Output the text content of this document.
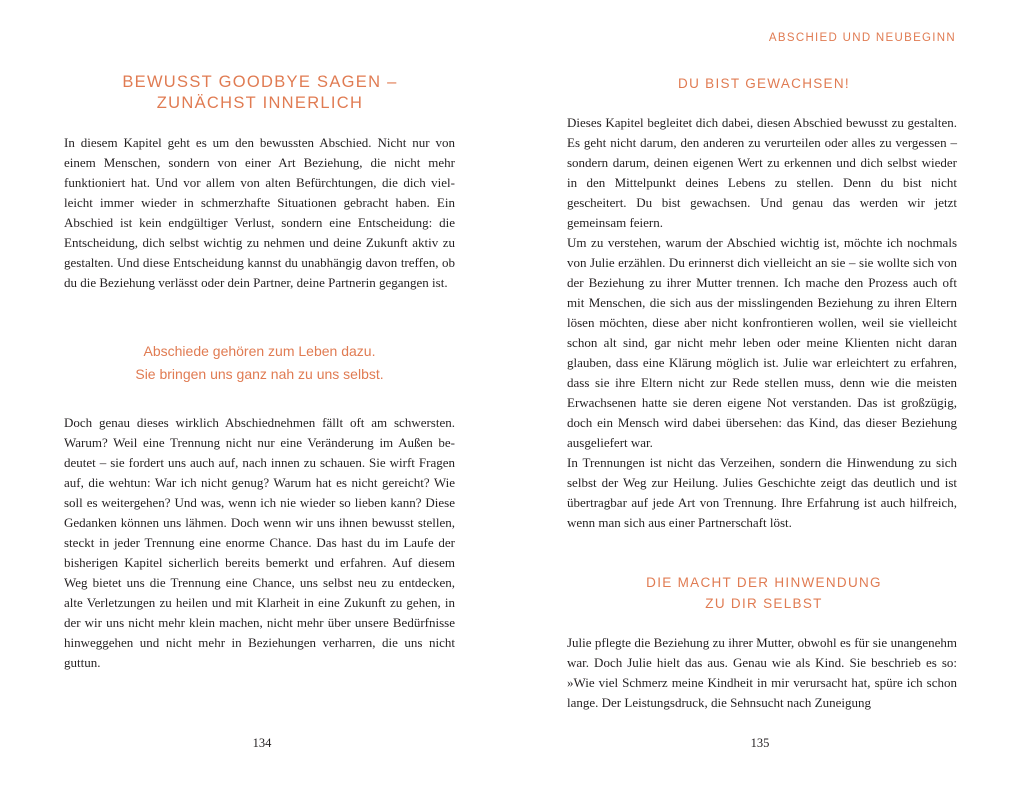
BEWUSST GOODBYE SAGEN –
ZUNÄCHST INNERLICH

In diesem Kapitel geht es um den bewussten Abschied. Nicht nur von einem Menschen, sondern von einer Art Beziehung, die nicht mehr funktioniert hat. Und vor allem von alten Befürchtungen, die dich vielleicht immer wieder in schmerzhafte Situationen gebracht haben. Ein Abschied ist kein endgültiger Verlust, sondern eine Entscheidung: die Entscheidung, dich selbst wichtig zu nehmen und deine Zukunft aktiv zu gestalten. Und diese Entscheidung kannst du unabhängig davon treffen, ob du die Beziehung verlässt oder dein Partner, deine Partnerin gegangen ist.

Abschiede gehören zum Leben dazu.
Sie bringen uns ganz nah zu uns selbst.

Doch genau dieses wirklich Abschiednehmen fällt oft am schwersten. Warum? Weil eine Trennung nicht nur eine Veränderung im Außen bedeutet – sie fordert uns auch auf, nach innen zu schauen. Sie wirft Fragen auf, die wehtun: War ich nicht genug? Warum hat es nicht gereicht? Wie soll es weitergehen? Und was, wenn ich nie wieder so lieben kann? Diese Gedanken können uns lähmen. Doch wenn wir uns ihnen bewusst stellen, steckt in jeder Trennung eine enorme Chance. Das hast du im Laufe der bisherigen Kapitel sicherlich bereits bemerkt und erfahren. Auf diesem Weg bietet uns die Trennung eine Chance, uns selbst neu zu entdecken, alte Verletzungen zu heilen und mit Klarheit in eine Zukunft zu gehen, in der wir uns nicht mehr klein machen, nicht mehr über unsere Bedürfnisse hinweggehen und nicht mehr in Beziehungen verharren, die uns nicht guttun.

134
ABSCHIED UND NEUBEGINN
DU BIST GEWACHSEN!

Dieses Kapitel begleitet dich dabei, diesen Abschied bewusst zu gestalten. Es geht nicht darum, den anderen zu verurteilen oder alles zu vergessen – sondern darum, deinen eigenen Wert zu erkennen und dich selbst wieder in den Mittelpunkt deines Lebens zu stellen. Denn du bist nicht gescheitert. Du bist gewachsen. Und genau das werden wir jetzt gemeinsam feiern.

Um zu verstehen, warum der Abschied wichtig ist, möchte ich nochmals von Julie erzählen. Du erinnerst dich vielleicht an sie – sie wollte sich von der Beziehung zu ihrer Mutter trennen. Ich mache den Prozess auch oft mit Menschen, die sich aus der misslingenden Beziehung zu ihren Eltern lösen möchten, diese aber nicht konfrontieren wollen, weil sie vielleicht schon alt sind, gar nicht mehr leben oder meine Klienten nicht daran glauben, dass eine Klärung möglich ist. Julie war erleichtert zu erfahren, dass sie ihre Eltern nicht zur Rede stellen muss, denn wie die meisten Erwachsenen hatte sie deren eigene Not verstanden. Das ist großzügig, doch ein Mensch wird dabei übersehen: das Kind, das dieser Beziehung ausgeliefert war.

In Trennungen ist nicht das Verzeihen, sondern die Hinwendung zu sich selbst der Weg zur Heilung. Julies Geschichte zeigt das deutlich und ist übertragbar auf jede Art von Trennung. Ihre Erfahrung ist auch hilfreich, wenn man sich aus einer Partnerschaft löst.

DIE MACHT DER HINWENDUNG
ZU DIR SELBST

Julie pflegte die Beziehung zu ihrer Mutter, obwohl es für sie unangenehm war. Doch Julie hielt das aus. Genau wie als Kind. Sie beschrieb es so: »Wie viel Schmerz meine Kindheit in mir verursacht hat, spüre ich schon lange. Der Leistungsdruck, die Sehnsucht nach Zuneigung

135
